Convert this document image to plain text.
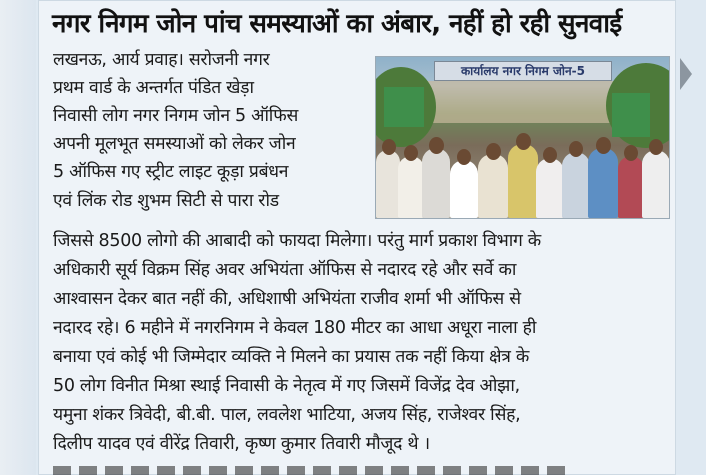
नगर निगम जोन पांच समस्याओं का अंबार, नहीं हो रही सुनवाई
कार्यालय नगर निगम जोन-5
लखनऊ, आर्य प्रवाह। सरोजनी नगर
प्रथम वार्ड के अन्तर्गत पंडित खेड़ा
निवासी लोग नगर निगम जोन 5 ऑफिस
अपनी मूलभूत समस्याओं को लेकर जोन
5 ऑफिस गए स्ट्रीट लाइट कूड़ा प्रबंधन
एवं लिंक रोड शुभम सिटी से पारा रोड
जिससे 8500 लोगो की आबादी को फायदा मिलेगा। परंतु मार्ग प्रकाश विभाग के
अधिकारी सूर्य विक्रम सिंह अवर अभियंता ऑफिस से नदारद रहे और सर्वे का
आश्वासन देकर बात नहीं की, अधिशाषी अभियंता राजीव शर्मा भी ऑफिस से
नदारद रहे। 6 महीने में नगरनिगम ने केवल 180 मीटर का आधा अधूरा नाला ही
बनाया एवं कोई भी जिम्मेदार व्यक्ति ने मिलने का प्रयास तक नहीं किया क्षेत्र के
50 लोग विनीत मिश्रा स्थाई निवासी के नेतृत्व में गए जिसमें विजेंद्र देव ओझा,
यमुना शंकर त्रिवेदी, बी.बी. पाल, लवलेश भाटिया, अजय सिंह, राजेश्वर सिंह,
दिलीप यादव एवं वीरेंद्र तिवारी, कृष्ण कुमार तिवारी मौजूद थे ।
